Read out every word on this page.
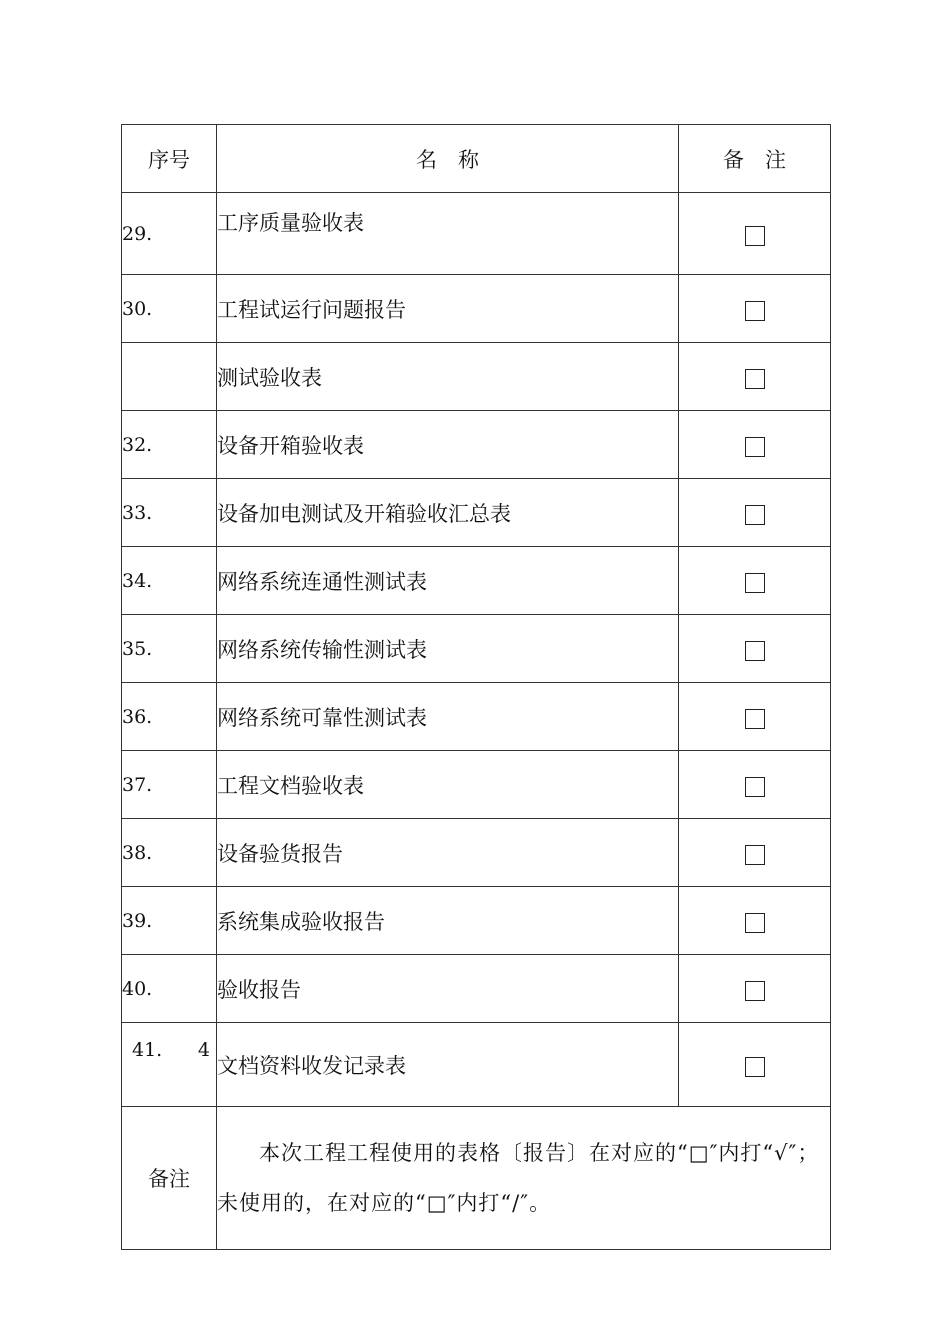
序号	名　称	备　注
29.	工序质量验收表	
30.	工程试运行问题报告	
	测试验收表	
32.	设备开箱验收表	
33.	设备加电测试及开箱验收汇总表	
34.	网络系统连通性测试表	
35.	网络系统传输性测试表	
36.	网络系统可靠性测试表	
37.	工程文档验收表	
38.	设备验货报告	
39.	系统集成验收报告	
40.	验收报告	
41. 4	文档资料收发记录表	
备注	本次工程工程使用的表格〔报告〕在对应的“□″内打“√″；未使用的，在对应的“□″内打“/″。	
